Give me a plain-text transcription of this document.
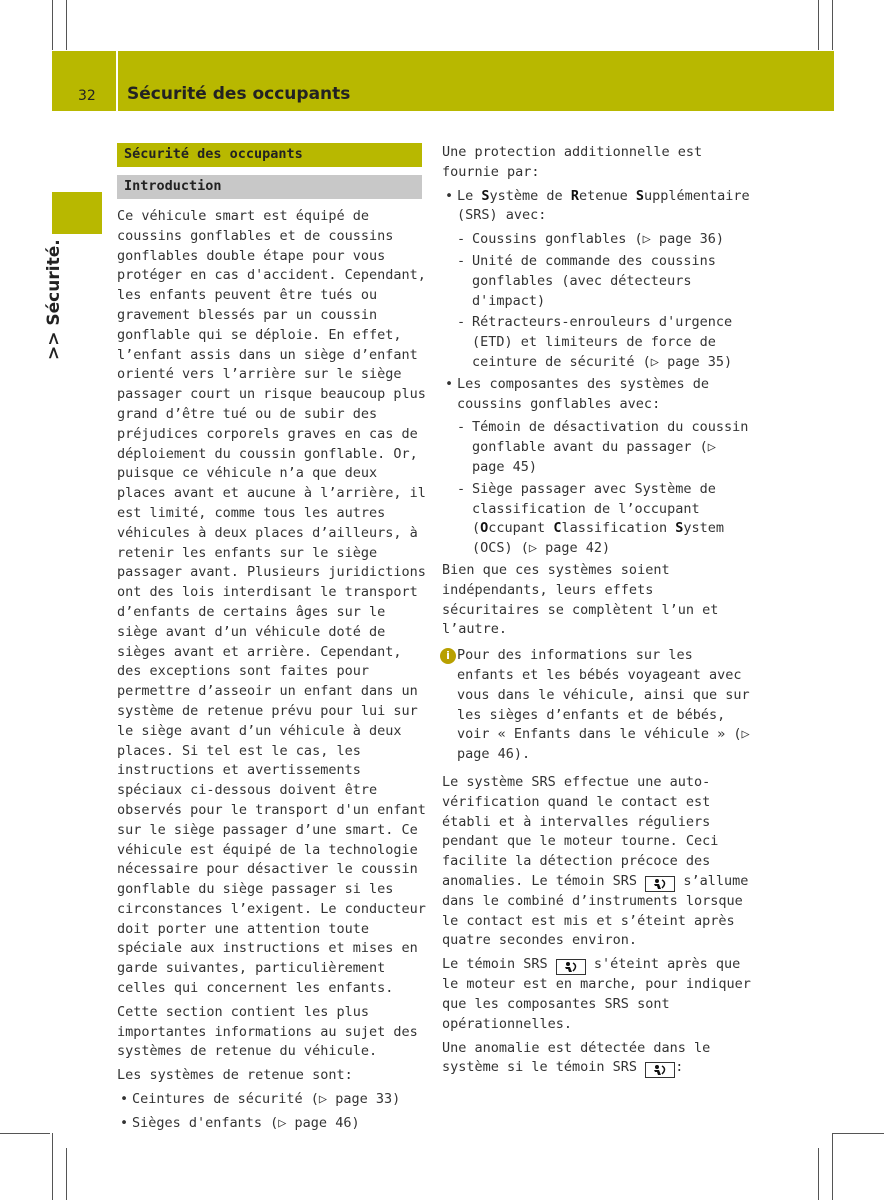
32 Sécurité des occupants
>> Sécurité.
Sécurité des occupants
Introduction

Ce véhicule smart est équipé de coussins gonflables et de coussins gonflables double étape pour vous protéger en cas d'accident. Cependant, les enfants peuvent être tués ou gravement blessés par un coussin gonflable qui se déploie. En effet, l’enfant assis dans un siège d’enfant orienté vers l’arrière sur le siège passager court un risque beaucoup plus grand d’être tué ou de subir des préjudices corporels graves en cas de déploiement du coussin gonflable. Or, puisque ce véhicule n’a que deux places avant et aucune à l’arrière, il est limité, comme tous les autres véhicules à deux places d’ailleurs, à retenir les enfants sur le siège passager avant. Plusieurs juridictions ont des lois interdisant le transport d’enfants de certains âges sur le siège avant d’un véhicule doté de sièges avant et arrière. Cependant, des exceptions sont faites pour permettre d’asseoir un enfant dans un système de retenue prévu pour lui sur le siège avant d’un véhicule à deux places. Si tel est le cas, les instructions et avertissements spéciaux ci-dessous doivent être observés pour le transport d'un enfant sur le siège passager d’une smart. Ce véhicule est équipé de la technologie nécessaire pour désactiver le coussin gonflable du siège passager si les circonstances l’exigent. Le conducteur doit porter une attention toute spéciale aux instructions et mises en garde suivantes, particulièrement celles qui concernent les enfants.

Cette section contient les plus importantes informations au sujet des systèmes de retenue du véhicule.

Les systèmes de retenue sont:

• Ceintures de sécurité (▷ page 33)
• Sièges d'enfants (▷ page 46)

Une protection additionnelle est fournie par:

• Le Système de Retenue Supplémentaire (SRS) avec:
- Coussins gonflables (▷ page 36)
- Unité de commande des coussins gonflables (avec détecteurs d'impact)
- Rétracteurs-enrouleurs d'urgence (ETD) et limiteurs de force de ceinture de sécurité (▷ page 35)
• Les composantes des systèmes de coussins gonflables avec:
- Témoin de désactivation du coussin gonflable avant du passager (▷ page 45)
- Siège passager avec Système de classification de l’occupant (Occupant Classification System (OCS) (▷ page 42)

Bien que ces systèmes soient indépendants, leurs effets sécuritaires se complètent l’un et l’autre.

i Pour des informations sur les enfants et les bébés voyageant avec vous dans le véhicule, ainsi que sur les sièges d’enfants et de bébés, voir « Enfants dans le véhicule » (▷ page 46).

Le système SRS effectue une auto-vérification quand le contact est établi et à intervalles réguliers pendant que le moteur tourne. Ceci facilite la détection précoce des anomalies. Le témoin SRS  s’allume dans le combiné d’instruments lorsque le contact est mis et s’éteint après quatre secondes environ.

Le témoin SRS  s'éteint après que le moteur est en marche, pour indiquer que les composantes SRS sont opérationnelles.

Une anomalie est détectée dans le système si le témoin SRS :
